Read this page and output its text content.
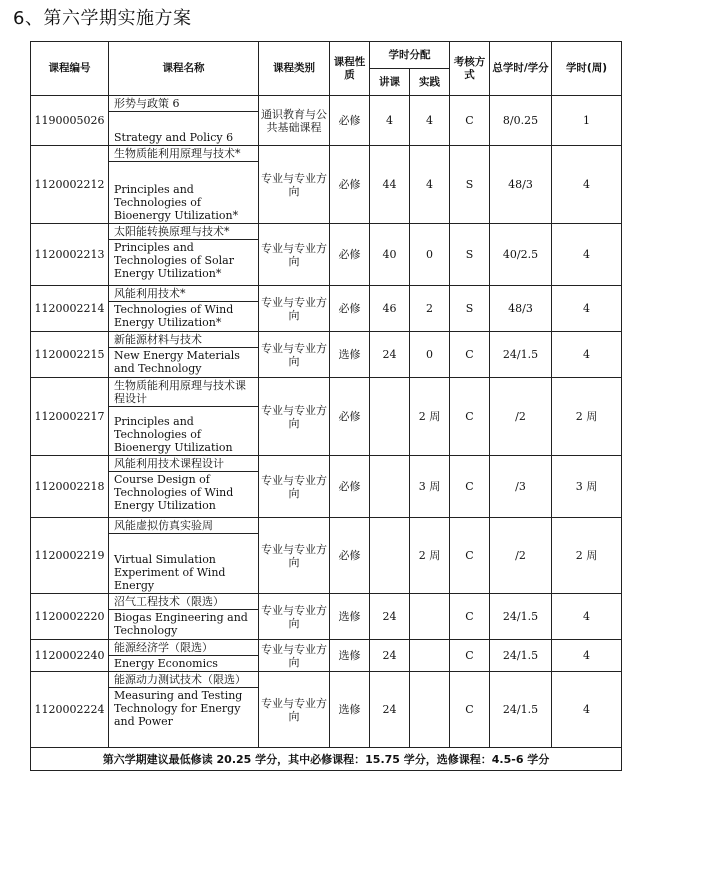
6、第六学期实施方案
课程编号	课程名称	课程类别	课程性质	学时分配		考核方式	总学时/学分	学时(周)
				讲课	实践			
1190005026	形势与政策 6
Strategy and Policy 6	通识教育与公共基础课程	必修	4	4	C	8/0.25	1
1120002212	生物质能利用原理与技术*
Principles and Technologies of Bioenergy Utilization*	专业与专业方向	必修	44	4	S	48/3	4
1120002213	太阳能转换原理与技术*
Principles and Technologies of Solar Energy Utilization*	专业与专业方向	必修	40	0	S	40/2.5	4
1120002214	风能利用技术*
Technologies of Wind Energy Utilization*	专业与专业方向	必修	46	2	S	48/3	4
1120002215	新能源材料与技术
New Energy Materials and Technology	专业与专业方向	选修	24	0	C	24/1.5	4
1120002217	生物质能利用原理与技术课程设计
Principles and Technologies of Bioenergy Utilization	专业与专业方向	必修		2 周	C	/2	2 周
1120002218	风能利用技术课程设计
Course Design of Technologies of Wind Energy Utilization	专业与专业方向	必修		3 周	C	/3	3 周
1120002219	风能虚拟仿真实验周
Virtual Simulation Experiment of Wind Energy	专业与专业方向	必修		2 周	C	/2	2 周
1120002220	沼气工程技术（限选）
Biogas Engineering and Technology	专业与专业方向	选修	24		C	24/1.5	4
1120002240	能源经济学（限选）
Energy Economics	专业与专业方向	选修	24		C	24/1.5	4
1120002224	能源动力测试技术（限选）
Measuring and Testing Technology for Energy and Power	专业与专业方向	选修	24		C	24/1.5	4
第六学期建议最低修读 20.25 学分，其中必修课程：15.75 学分，选修课程：4.5-6 学分								
